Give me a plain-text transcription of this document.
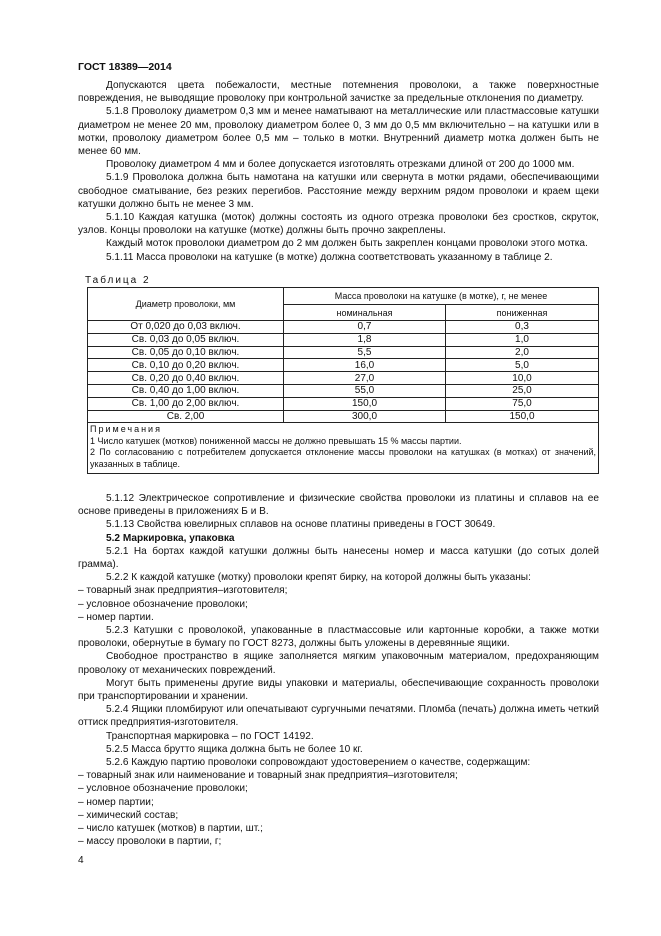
ГОСТ 18389—2014

Допускаются цвета побежалости, местные потемнения проволоки, а также поверхностные повреждения, не выводящие проволоку при контрольной зачистке за предельные отклонения по диаметру.

5.1.8 Проволоку диаметром 0,3 мм и менее наматывают на металлические или пластмассовые катушки диаметром не менее 20 мм, проволоку диаметром более 0, 3 мм до 0,5 мм включительно – на катушки или в мотки, проволоку диаметром более 0,5 мм – только в мотки. Внутренний диаметр мотка должен быть не менее 60 мм.

Проволоку диаметром 4 мм и более допускается изготовлять отрезками длиной от 200 до 1000 мм.

5.1.9 Проволока должна быть намотана на катушки или свернута в мотки рядами, обеспечивающими свободное сматывание, без резких перегибов. Расстояние между верхним рядом проволоки и краем щеки катушки должно быть не менее 3 мм.

5.1.10 Каждая катушка (моток) должны состоять из одного отрезка проволоки без сростков, скруток, узлов. Концы проволоки на катушке (мотке) должны быть прочно закреплены.

Каждый моток проволоки диаметром до 2 мм должен быть закреплен концами проволоки этого мотка.

5.1.11 Масса проволоки на катушке (в мотке) должна соответствовать указанному в таблице 2.

Таблица 2
Диаметр проволоки, мм	Масса проволоки на катушке (в мотке), г, не менее	
	номинальная	пониженная
От 0,020 до 0,03 включ.	0,7	0,3
Св. 0,03 до 0,05 включ.	1,8	1,0
Св. 0,05 до 0,10 включ.	5,5	2,0
Св. 0,10 до 0,20 включ.	16,0	5,0
Св. 0,20 до 0,40 включ.	27,0	10,0
Св. 0,40 до 1,00 включ.	55,0	25,0
Св. 1,00 до 2,00 включ.	150,0	75,0
Св. 2,00	300,0	150,0

Примечания
1 Число катушек (мотков) пониженной массы не должно превышать 15 % массы партии.
2 По согласованию с потребителем допускается отклонение массы проволоки на катушках (в мотках) от значений, указанных в таблице.		

5.1.12 Электрическое сопротивление и физические свойства проволоки из платины и сплавов на ее основе приведены в приложениях Б и В.

5.1.13 Свойства ювелирных сплавов на основе платины приведены в ГОСТ 30649.

5.2 Маркировка, упаковка

5.2.1 На бортах каждой катушки должны быть нанесены номер и масса катушки (до сотых долей грамма).

5.2.2 К каждой катушке (мотку) проволоки крепят бирку, на которой должны быть указаны:

– товарный знак предприятия–изготовителя;

– условное обозначение проволоки;

– номер партии.

5.2.3 Катушки с проволокой, упакованные в пластмассовые или картонные коробки, а также мотки проволоки, обернутые в бумагу по ГОСТ 8273, должны быть уложены в деревянные ящики.

Свободное пространство в ящике заполняется мягким упаковочным материалом, предохраняющим проволоку от механических повреждений.

Могут быть применены другие виды упаковки и материалы, обеспечивающие сохранность проволоки при транспортировании и хранении.

5.2.4 Ящики пломбируют или опечатывают сургучными печатями. Пломба (печать) должна иметь четкий оттиск предприятия-изготовителя.

Транспортная маркировка – по ГОСТ 14192.

5.2.5 Масса брутто ящика должна быть не более 10 кг.

5.2.6 Каждую партию проволоки сопровождают удостоверением о качестве, содержащим:

– товарный знак или наименование и товарный знак предприятия–изготовителя;

– условное обозначение проволоки;

– номер партии;

– химический состав;

– число катушек (мотков) в партии, шт.;

– массу проволоки в партии, г;

4
